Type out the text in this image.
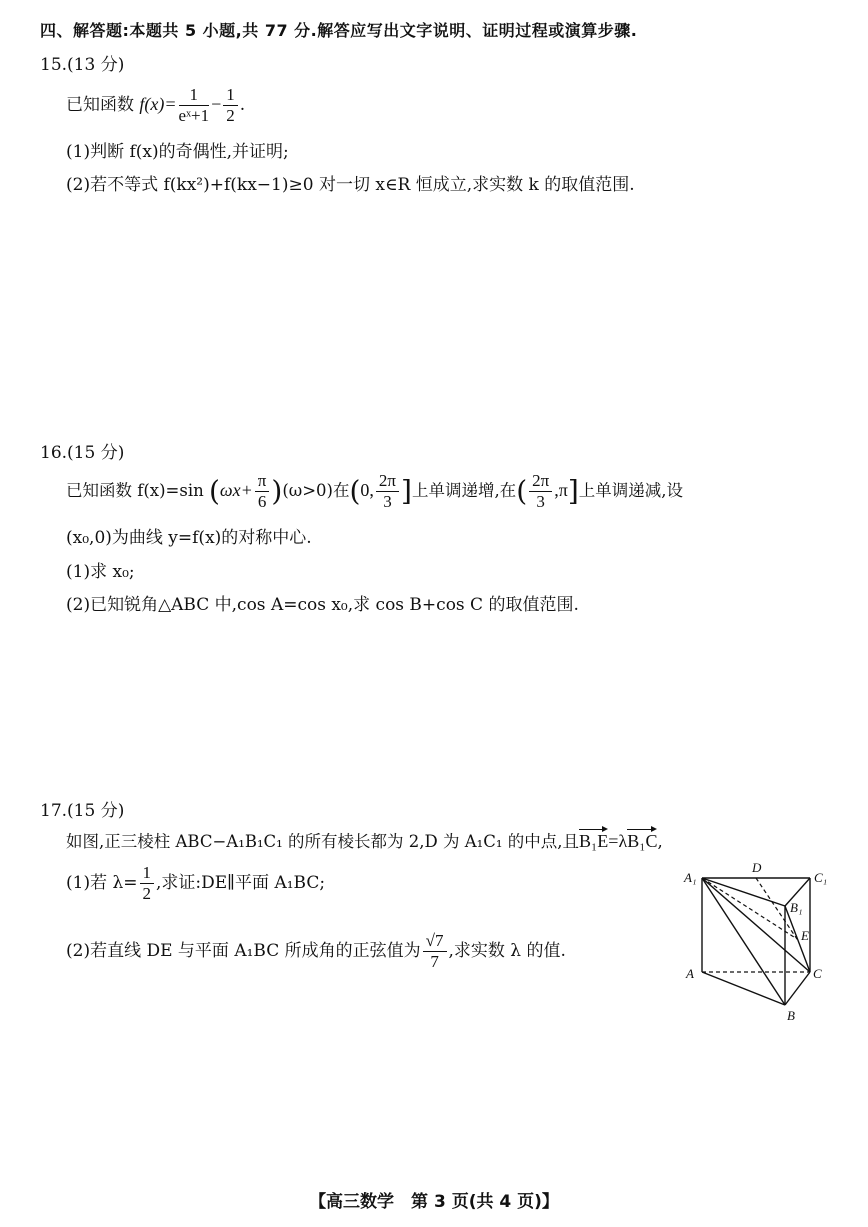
四、解答题:本题共 5 小题,共 77 分.解答应写出文字说明、证明过程或演算步骤.
15.(13 分)
已知函数 $f(x)= \frac{1}{\text{eˣ+1}} - \frac{1}{2}$ .
(1)判断 f(x)的奇偶性,并证明;
(2)若不等式 f(kx²)+f(kx−1)≥0 对一切 x∈R 恒成立,求实数 k 的取值范围.
16.(15 分)
已知函数 f(x)=sin $(\omega x+ \frac{\pi}{6} )(\omega>0)$在(0, $\frac{2\pi}{3}$ ]上单调递增,在( $\frac{2\pi}{3} ,\pi$]上单调递减,设
(x₀,0)为曲线 y=f(x)的对称中心.
(1)求 x₀;
(2)已知锐角△ABC 中,cos A=cos x₀,求 cos B+cos C 的取值范围.
17.(15 分)
如图,正三棱柱 ABC−A₁B₁C₁ 的所有棱长都为 2,D 为 A₁C₁ 的中点,且B₁E=λB₁C,
(1)若 $\lambda= \frac{1}{2}$ ,求证:DE∥平面 A₁BC;
(2)若直线 DE 与平面 A₁BC 所成角的正弦值为 $\frac{√7}{7}$ ,求实数 λ 的值.
A₁
D
C₁
B₁
E
A	C
B
【高三数学　第 3 页(共 4 页)】
